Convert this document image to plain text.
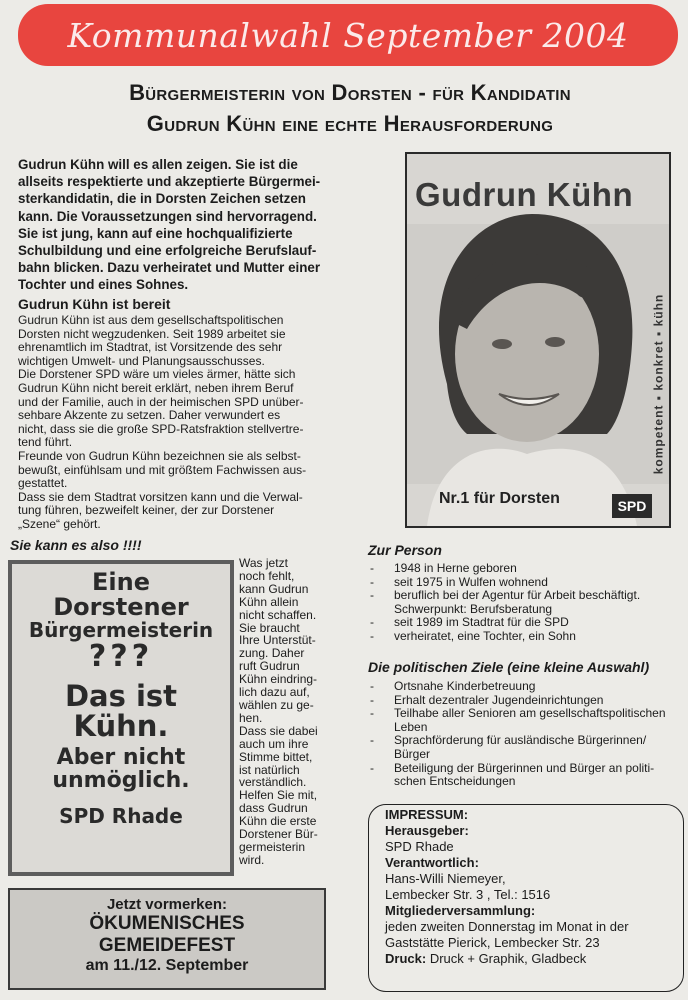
Kommunalwahl September 2004
Bürgermeisterin von Dorsten - für Kandidatin
Gudrun Kühn eine echte Herausforderung

Gudrun Kühn will es allen zeigen. Sie ist die

allseits respektierte und akzeptierte Bürgermei-

sterkandidatin, die in Dorsten Zeichen setzen

kann. Die Voraussetzungen sind hervorragend.

Sie ist jung, kann auf eine hochqualifizierte

Schulbildung und eine erfolgreiche Berufslauf-

bahn blicken. Dazu verheiratet und Mutter einer

Tochter und eines Sohnes.

Gudrun Kühn ist bereit

Gudrun Kühn ist aus dem gesellschaftspolitischen

Dorsten nicht wegzudenken. Seit 1989 arbeitet sie

ehrenamtlich im Stadtrat, ist Vorsitzende des sehr

wichtigen Umwelt- und Planungsausschusses.

Die Dorstener SPD wäre um vieles ärmer, hätte sich

Gudrun Kühn nicht bereit erklärt, neben ihrem Beruf

und der Familie, auch in der heimischen SPD unüber-

sehbare Akzente zu setzen. Daher verwundert es

nicht, dass sie die große SPD-Ratsfraktion stellvertre-

tend führt.

Freunde von Gudrun Kühn bezeichnen sie als selbst-

bewußt, einfühlsam und mit größtem Fachwissen aus-

gestattet.

Dass sie dem Stadtrat vorsitzen kann und die Verwal-

tung führen, bezweifelt keiner, der zur Dorstener

„Szene“ gehört.

Gudrun Kühn
kompetent ▪ konkret ▪ kühn
Nr.1 für Dorsten	SPD
Sie kann es also !!!!
Eine
Dorstener
Bürgermeisterin
???
Das ist
Kühn.
Aber nicht
unmöglich.
SPD Rhade

Was jetzt

noch fehlt,

kann Gudrun

Kühn allein

nicht schaffen.

Sie braucht

Ihre Unterstüt-

zung. Daher

ruft Gudrun

Kühn eindring-

lich dazu auf,

wählen zu ge-

hen.

Dass sie dabei

auch um ihre

Stimme bittet,

ist natürlich

verständlich.

Helfen Sie mit,

dass Gudrun

Kühn die erste

Dorstener Bür-

germeisterin

wird.

Zur Person
- 1948 in Herne geboren
- seit 1975 in Wulfen wohnend
- beruflich bei der Agentur für Arbeit beschäftigt. Schwerpunkt: Berufsberatung
- seit 1989 im Stadtrat für die SPD
- verheiratet, eine Tochter, ein Sohn
Die politischen Ziele (eine kleine Auswahl)
- Ortsnahe Kinderbetreuung
- Erhalt dezentraler Jugendeinrichtungen
- Teilhabe aller Senioren am gesellschaftspolitischen Leben
- Sprachförderung für ausländische Bürgerinnen/ Bürger
- Beteiligung der Bürgerinnen und Bürger an politi- schen Entscheidungen
IMPRESSUM:
Herausgeber:
SPD Rhade
Verantwortlich:
Hans-Willi Niemeyer,
Lembecker Str. 3 , Tel.: 1516
Mitgliederversammlung:
jeden zweiten Donnerstag im Monat in der
Gaststätte Pierick, Lembecker Str. 23
Druck: Druck + Graphik, Gladbeck
Jetzt vormerken:
ÖKUMENISCHES
GEMEIDEFEST
am 11./12. September
